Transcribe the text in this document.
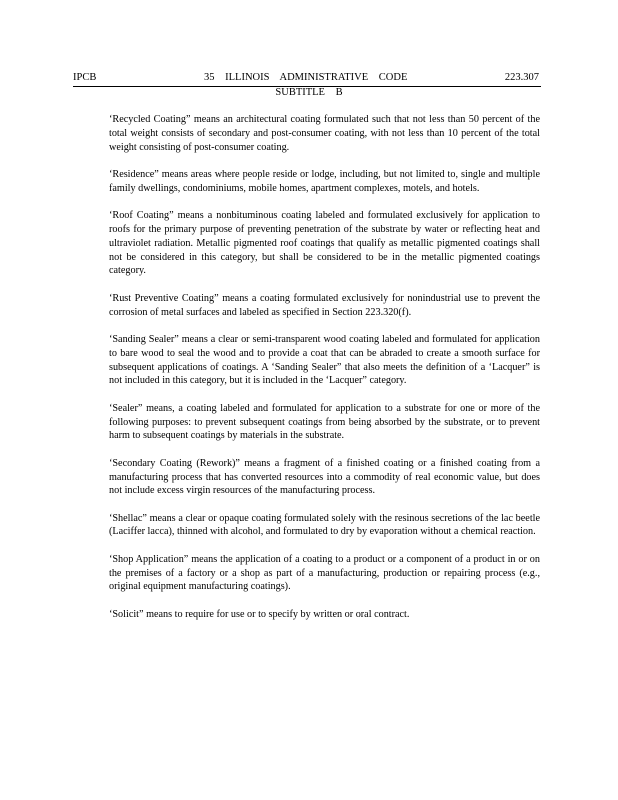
IPCB	35 ILLINOIS ADMINISTRATIVE CODE	223.307
SUBTITLE B

‘Recycled Coating” means an architectural coating formulated such that not less than 50 percent of the total weight consists of secondary and post-consumer coating, with not less than 10 percent of the total weight consisting of post-consumer coating.

‘Residence” means areas where people reside or lodge, including, but not limited to, single and multiple family dwellings, condominiums, mobile homes, apartment complexes, motels, and hotels.

‘Roof Coating” means a nonbituminous coating labeled and formulated exclusively for application to roofs for the primary purpose of preventing penetration of the substrate by water or reflecting heat and ultraviolet radiation. Metallic pigmented roof coatings that qualify as metallic pigmented coatings shall not be considered in this category, but shall be considered to be in the metallic pigmented coatings category.

‘Rust Preventive Coating” means a coating formulated exclusively for nonindustrial use to prevent the corrosion of metal surfaces and labeled as specified in Section 223.320(f).

‘Sanding Sealer” means a clear or semi-transparent wood coating labeled and formulated for application to bare wood to seal the wood and to provide a coat that can be abraded to create a smooth surface for subsequent applications of coatings. A ‘Sanding Sealer” that also meets the definition of a ‘Lacquer” is not included in this category, but it is included in the ‘Lacquer” category.

‘Sealer” means, a coating labeled and formulated for application to a substrate for one or more of the following purposes: to prevent subsequent coatings from being absorbed by the substrate, or to prevent harm to subsequent coatings by materials in the substrate.

‘Secondary Coating (Rework)” means a fragment of a finished coating or a finished coating from a manufacturing process that has converted resources into a commodity of real economic value, but does not include excess virgin resources of the manufacturing process.

‘Shellac” means a clear or opaque coating formulated solely with the resinous secretions of the lac beetle (Laciffer lacca), thinned with alcohol, and formulated to dry by evaporation without a chemical reaction.

‘Shop Application” means the application of a coating to a product or a component of a product in or on the premises of a factory or a shop as part of a manufacturing, production or repairing process (e.g., original equipment manufacturing coatings).

‘Solicit” means to require for use or to specify by written or oral contract.
